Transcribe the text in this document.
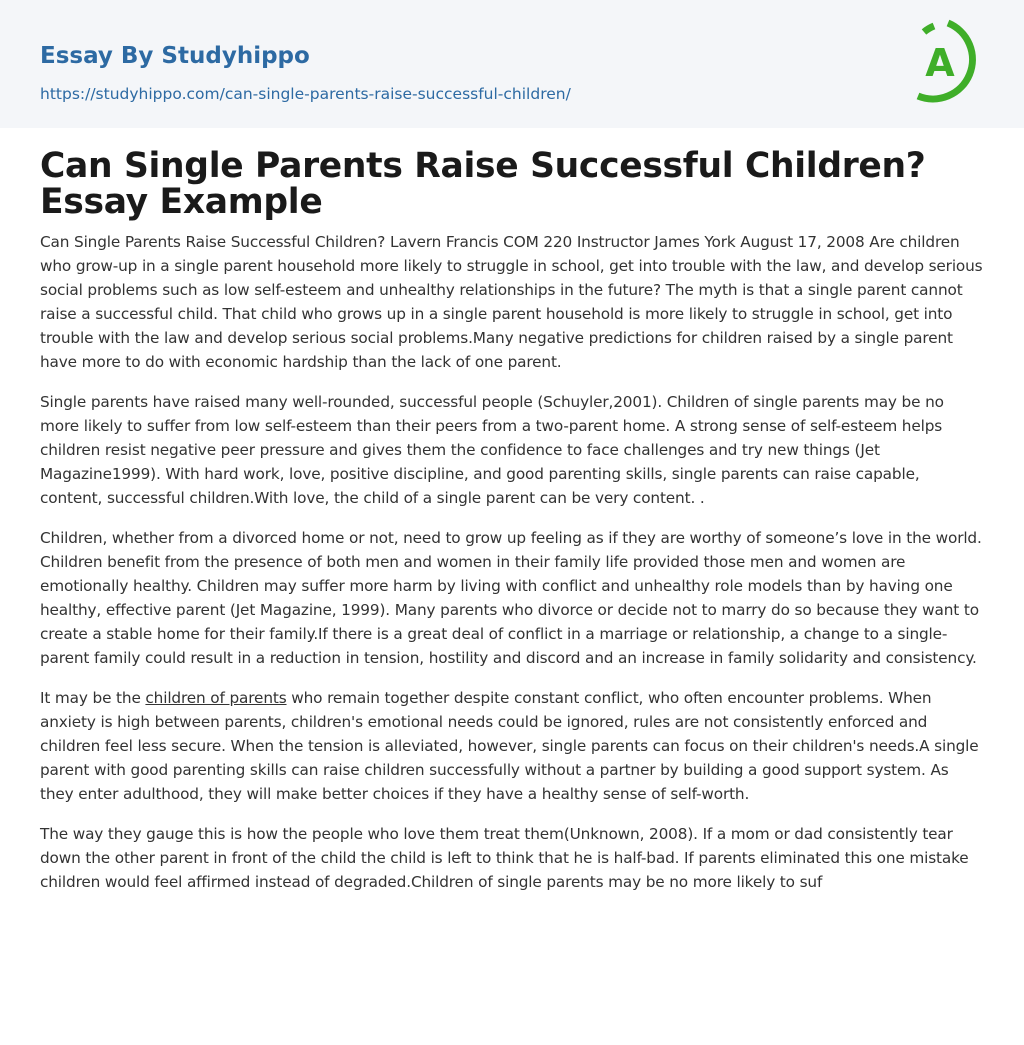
Essay By Studyhippo
https://studyhippo.com/can-single-parents-raise-successful-children/
A
Can Single Parents Raise Successful Children? Essay Example

Can Single Parents Raise Successful Children? Lavern Francis COM 220 Instructor James York August 17, 2008 Are children who grow-up in a single parent household more likely to struggle in school, get into trouble with the law, and develop serious social problems such as low self-esteem and unhealthy relationships in the future? The myth is that a single parent cannot raise a successful child. That child who grows up in a single parent household is more likely to struggle in school, get into trouble with the law and develop serious social problems.Many negative predictions for children raised by a single parent have more to do with economic hardship than the lack of one parent.

Single parents have raised many well-rounded, successful people (Schuyler,2001). Children of single parents may be no more likely to suffer from low self-esteem than their peers from a two-parent home. A strong sense of self-esteem helps children resist negative peer pressure and gives them the confidence to face challenges and try new things (Jet Magazine1999). With hard work, love, positive discipline, and good parenting skills, single parents can raise capable, content, successful children.With love, the child of a single parent can be very content. .

Children, whether from a divorced home or not, need to grow up feeling as if they are worthy of someone’s love in the world. Children benefit from the presence of both men and women in their family life provided those men and women are emotionally healthy. Children may suffer more harm by living with conflict and unhealthy role models than by having one healthy, effective parent (Jet Magazine, 1999). Many parents who divorce or decide not to marry do so because they want to create a stable home for their family.If there is a great deal of conflict in a marriage or relationship, a change to a single-parent family could result in a reduction in tension, hostility and discord and an increase in family solidarity and consistency.

It may be the children of parents who remain together despite constant conflict, who often encounter problems. When anxiety is high between parents, children's emotional needs could be ignored, rules are not consistently enforced and children feel less secure. When the tension is alleviated, however, single parents can focus on their children's needs.A single parent with good parenting skills can raise children successfully without a partner by building a good support system. As they enter adulthood, they will make better choices if they have a healthy sense of self-worth.

The way they gauge this is how the people who love them treat them(Unknown, 2008). If a mom or dad consistently tear down the other parent in front of the child the child is left to think that he is half-bad. If parents eliminated this one mistake children would feel affirmed instead of degraded.Children of single parents may be no more likely to suf
